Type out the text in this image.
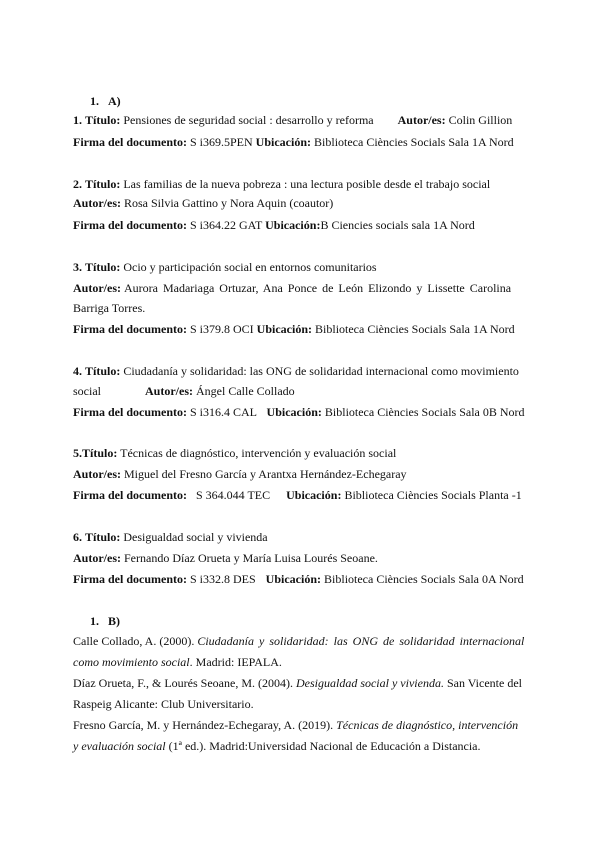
1. A)
1. Título: Pensiones de seguridad social : desarrollo y reforma Autor/es: Colin Gillion
Firma del documento: S i369.5PEN Ubicación: Biblioteca Ciències Socials Sala 1A Nord
2. Título: Las familias de la nueva pobreza : una lectura posible desde el trabajo social
Autor/es: Rosa Silvia Gattino y Nora Aquin (coautor)
Firma del documento: S i364.22 GAT Ubicación:B Ciencies socials sala 1A Nord
3. Título: Ocio y participación social en entornos comunitarios
Autor/es: Aurora Madariaga Ortuzar, Ana Ponce de León Elizondo y Lissette Carolina
Barriga Torres.
Firma del documento: S i379.8 OCI Ubicación: Biblioteca Ciències Socials Sala 1A Nord
4. Título: Ciudadanía y solidaridad: las ONG de solidaridad internacional como movimiento
social	Autor/es: Ángel Calle Collado
Firma del documento: S i316.4 CAL Ubicación: Biblioteca Ciències Socials Sala 0B Nord
5.Título: Técnicas de diagnóstico, intervención y evaluación social
Autor/es: Miguel del Fresno García y Arantxa Hernández-Echegaray
Firma del documento: S 364.044 TEC Ubicación: Biblioteca Ciències Socials Planta -1
6. Título: Desigualdad social y vivienda
Autor/es: Fernando Díaz Orueta y María Luisa Lourés Seoane.
Firma del documento: S i332.8 DES Ubicación: Biblioteca Ciències Socials Sala 0A Nord
1. B)
Calle Collado, A. (2000). Ciudadanía y solidaridad: las ONG de solidaridad internacional
como movimiento social. Madrid: IEPALA.
Díaz Orueta, F., & Lourés Seoane, M. (2004). Desigualdad social y vivienda. San Vicente del
Raspeig Alicante: Club Universitario.
Fresno García, M. y Hernández-Echegaray, A. (2019). Técnicas de diagnóstico, intervención
y evaluación social (1ª ed.). Madrid:Universidad Nacional de Educación a Distancia.
